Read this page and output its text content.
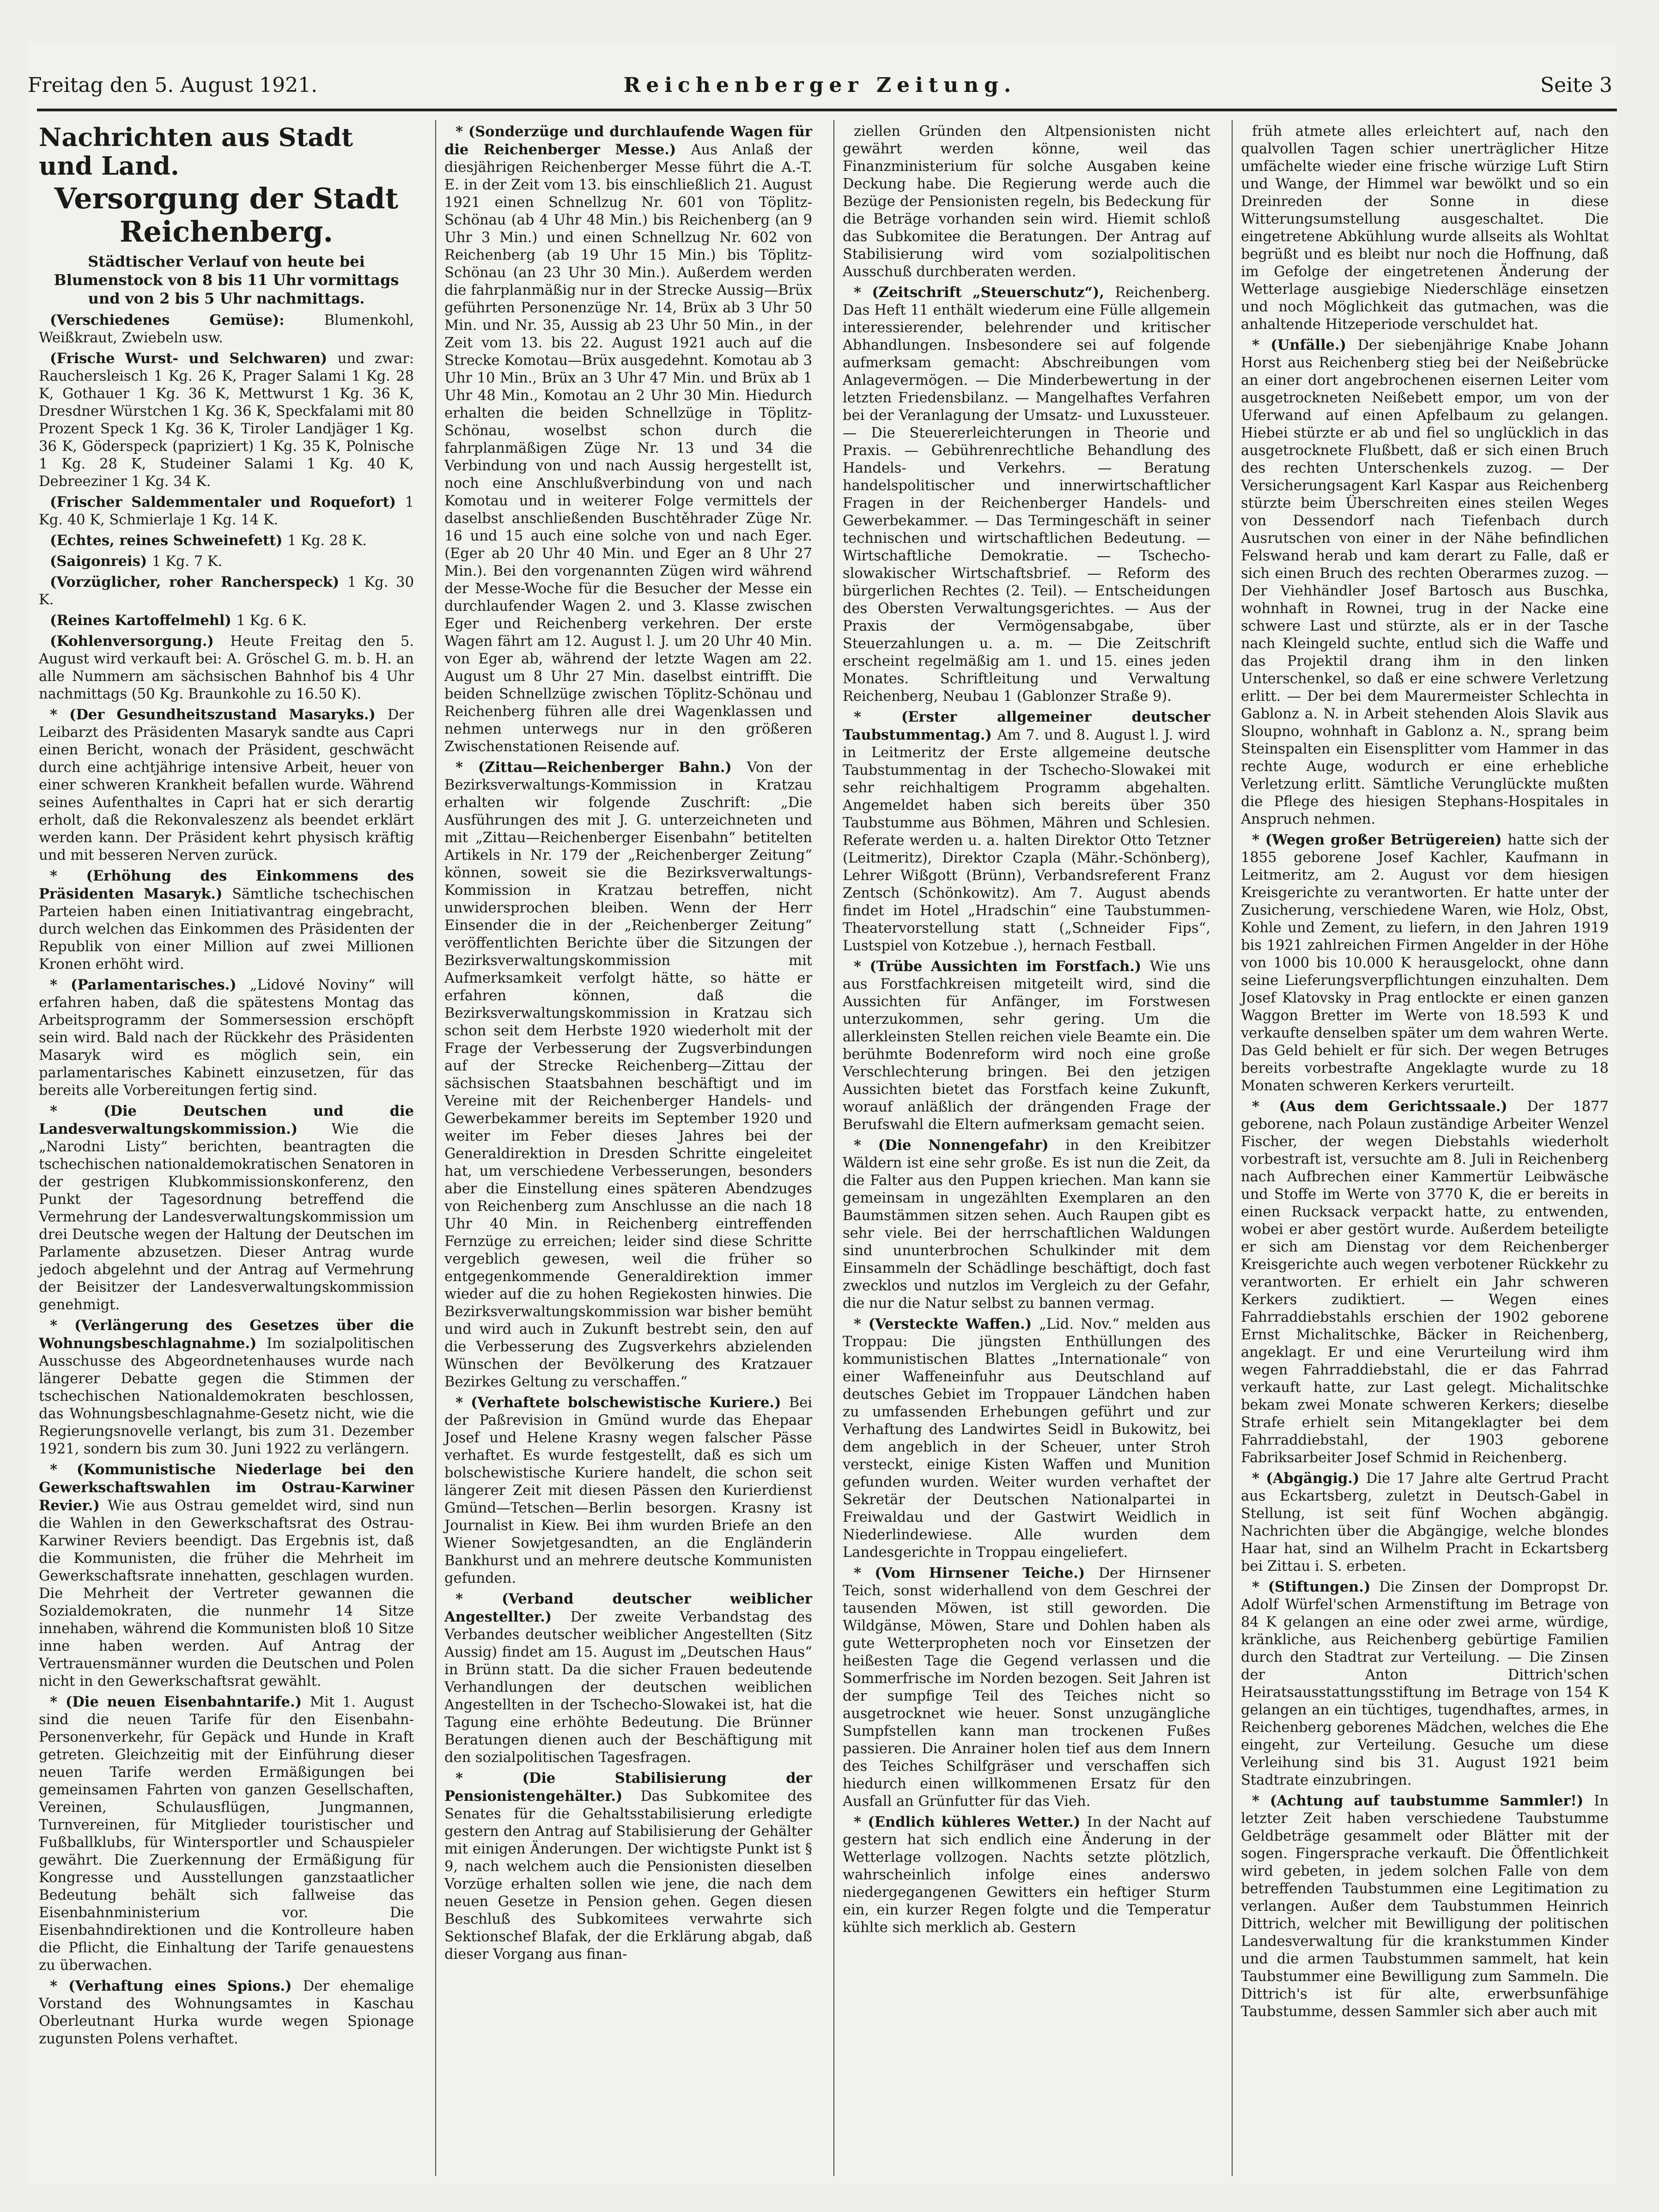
Freitag den 5. August 1921.	Reichenberger Zeitung.	Seite 3
Nachrichten aus Stadt und Land.
Versorgung der Stadt Reichenberg.
Städtischer Verlauf von heute bei Blumenstock von 8 bis 11 Uhr vormittags und von 2 bis 5 Uhr nachmittags.

(Verschiedenes Gemüse): Blumenkohl, Weißkraut, Zwiebeln usw.

(Frische Wurst- und Selchwaren) und zwar: Rauchersleisch 1 Kg. 26 K, Prager Salami 1 Kg. 28 K, Gothauer 1 Kg. 36 K, Mettwurst 1 Kg. 36 K, Dresdner Würstchen 1 Kg. 36 K, Speckfalami mit 80 Prozent Speck 1 Kg. 36 K, Tiroler Landjäger 1 Kg. 36 K, Göderspeck (papriziert) 1 Kg. 35 K, Polnische 1 Kg. 28 K, Studeiner Salami 1 Kg. 40 K, Debreeziner 1 Kg. 34 K.

(Frischer Saldemmentaler und Roquefort) 1 Kg. 40 K, Schmierlaje 1 Kg. 14 K.

(Echtes, reines Schweinefett) 1 Kg. 28 K.

(Saigonreis) 1 Kg. 7 K.

(Vorzüglicher, roher Rancherspeck) 1 Kg. 30 K.

(Reines Kartoffelmehl) 1 Kg. 6 K.

(Kohlenversorgung.) Heute Freitag den 5. August wird verkauft bei: A. Gröschel G. m. b. H. an alle Nummern am sächsischen Bahnhof bis 4 Uhr nachmittags (50 Kg. Braunkohle zu 16.50 K).

* (Der Gesundheitszustand Masaryks.) Der Leibarzt des Präsidenten Masaryk sandte aus Capri einen Bericht, wonach der Präsident, geschwächt durch eine achtjährige intensive Arbeit, heuer von einer schweren Krankheit befallen wurde. Während seines Aufenthaltes in Capri hat er sich derartig erholt, daß die Rekonvaleszenz als beendet erklärt werden kann. Der Präsident kehrt physisch kräftig und mit besseren Nerven zurück.

* (Erhöhung des Einkommens des Präsidenten Masaryk.) Sämtliche tschechischen Parteien haben einen Initiativantrag eingebracht, durch welchen das Einkommen des Präsidenten der Republik von einer Million auf zwei Millionen Kronen erhöht wird.

* (Parlamentarisches.) „Lidové Noviny“ will erfahren haben, daß die spätestens Montag das Arbeitsprogramm der Sommersession erschöpft sein wird. Bald nach der Rückkehr des Präsidenten Masaryk wird es möglich sein, ein parlamentarisches Kabinett einzusetzen, für das bereits alle Vorbereitungen fertig sind.

* (Die Deutschen und die Landesverwaltungskommission.) Wie die „Narodni Listy“ berichten, beantragten die tschechischen nationaldemokratischen Senatoren in der gestrigen Klubkommissionskonferenz, den Punkt der Tagesordnung betreffend die Vermehrung der Landesverwaltungskommission um drei Deutsche wegen der Haltung der Deutschen im Parlamente abzusetzen. Dieser Antrag wurde jedoch abgelehnt und der Antrag auf Vermehrung der Beisitzer der Landesverwaltungskommission genehmigt.

* (Verlängerung des Gesetzes über die Wohnungsbeschlagnahme.) Im sozialpolitischen Ausschusse des Abgeordnetenhauses wurde nach längerer Debatte gegen die Stimmen der tschechischen Nationaldemokraten beschlossen, das Wohnungsbeschlagnahme-Gesetz nicht, wie die Regierungsnovelle verlangt, bis zum 31. Dezember 1921, sondern bis zum 30. Juni 1922 zu verlängern.

* (Kommunistische Niederlage bei den Gewerkschaftswahlen im Ostrau-Karwiner Revier.) Wie aus Ostrau gemeldet wird, sind nun die Wahlen in den Gewerkschaftsrat des Ostrau-Karwiner Reviers beendigt. Das Ergebnis ist, daß die Kommunisten, die früher die Mehrheit im Gewerkschaftsrate innehatten, geschlagen wurden. Die Mehrheit der Vertreter gewannen die Sozialdemokraten, die nunmehr 14 Sitze innehaben, während die Kommunisten bloß 10 Sitze inne haben werden. Auf Antrag der Vertrauensmänner wurden die Deutschen und Polen nicht in den Gewerkschaftsrat gewählt.

* (Die neuen Eisenbahntarife.) Mit 1. August sind die neuen Tarife für den Eisenbahn-Personenverkehr, für Gepäck und Hunde in Kraft getreten. Gleichzeitig mit der Einführung dieser neuen Tarife werden Ermäßigungen bei gemeinsamen Fahrten von ganzen Gesellschaften, Vereinen, Schulausflügen, Jungmannen, Turnvereinen, für Mitglieder touristischer und Fußballklubs, für Wintersportler und Schauspieler gewährt. Die Zuerkennung der Ermäßigung für Kongresse und Ausstellungen ganzstaatlicher Bedeutung behält sich fallweise das Eisenbahnministerium vor. Die Eisenbahndirektionen und die Kontrolleure haben die Pflicht, die Einhaltung der Tarife genauestens zu überwachen.

* (Verhaftung eines Spions.) Der ehemalige Vorstand des Wohnungsamtes in Kaschau Oberleutnant Hurka wurde wegen Spionage zugunsten Polens verhaftet.

* (Sonderzüge und durchlaufende Wagen für die Reichenberger Messe.) Aus Anlaß der diesjährigen Reichenberger Messe führt die A.-T. E. in der Zeit vom 13. bis einschließlich 21. August 1921 einen Schnellzug Nr. 601 von Töplitz-Schönau (ab 4 Uhr 48 Min.) bis Reichenberg (an 9 Uhr 3 Min.) und einen Schnellzug Nr. 602 von Reichenberg (ab 19 Uhr 15 Min.) bis Töplitz-Schönau (an 23 Uhr 30 Min.). Außerdem werden die fahrplanmäßig nur in der Strecke Aussig—Brüx geführten Personenzüge Nr. 14, Brüx ab 3 Uhr 50 Min. und Nr. 35, Aussig ab 23 Uhr 50 Min., in der Zeit vom 13. bis 22. August 1921 auch auf die Strecke Komotau—Brüx ausgedehnt. Komotau ab 3 Uhr 10 Min., Brüx an 3 Uhr 47 Min. und Brüx ab 1 Uhr 48 Min., Komotau an 2 Uhr 30 Min. Hiedurch erhalten die beiden Schnellzüge in Töplitz-Schönau, woselbst schon durch die fahrplanmäßigen Züge Nr. 13 und 34 die Verbindung von und nach Aussig hergestellt ist, noch eine Anschlußverbindung von und nach Komotau und in weiterer Folge vermittels der daselbst anschließenden Buschtěhrader Züge Nr. 16 und 15 auch eine solche von und nach Eger. (Eger ab 20 Uhr 40 Min. und Eger an 8 Uhr 27 Min.). Bei den vorgenannten Zügen wird während der Messe-Woche für die Besucher der Messe ein durchlaufender Wagen 2. und 3. Klasse zwischen Eger und Reichenberg verkehren. Der erste Wagen fährt am 12. August l. J. um 20 Uhr 40 Min. von Eger ab, während der letzte Wagen am 22. August um 8 Uhr 27 Min. daselbst eintrifft. Die beiden Schnellzüge zwischen Töplitz-Schönau und Reichenberg führen alle drei Wagenklassen und nehmen unterwegs nur in den größeren Zwischenstationen Reisende auf.

* (Zittau—Reichenberger Bahn.) Von der Bezirksverwaltungs-Kommission in Kratzau erhalten wir folgende Zuschrift: „Die Ausführungen des mit J. G. unterzeichneten und mit „Zittau—Reichenberger Eisenbahn“ betitelten Artikels in Nr. 179 der „Reichenberger Zeitung“ können, soweit sie die Bezirksverwaltungs-Kommission in Kratzau betreffen, nicht unwidersprochen bleiben. Wenn der Herr Einsender die in der „Reichenberger Zeitung“ veröffentlichten Berichte über die Sitzungen der Bezirksverwaltungskommission mit Aufmerksamkeit verfolgt hätte, so hätte er erfahren können, daß die Bezirksverwaltungskommission in Kratzau sich schon seit dem Herbste 1920 wiederholt mit der Frage der Verbesserung der Zugsverbindungen auf der Strecke Reichenberg—Zittau der sächsischen Staatsbahnen beschäftigt und im Vereine mit der Reichenberger Handels- und Gewerbekammer bereits im September 1920 und weiter im Feber dieses Jahres bei der Generaldirektion in Dresden Schritte eingeleitet hat, um verschiedene Verbesserungen, besonders aber die Einstellung eines späteren Abendzuges von Reichenberg zum Anschlusse an die nach 18 Uhr 40 Min. in Reichenberg eintreffenden Fernzüge zu erreichen; leider sind diese Schritte vergeblich gewesen, weil die früher so entgegenkommende Generaldirektion immer wieder auf die zu hohen Regiekosten hinwies. Die Bezirksverwaltungskommission war bisher bemüht und wird auch in Zukunft bestrebt sein, den auf die Verbesserung des Zugsverkehrs abzielenden Wünschen der Bevölkerung des Kratzauer Bezirkes Geltung zu verschaffen.“

* (Verhaftete bolschewistische Kuriere.) Bei der Paßrevision in Gmünd wurde das Ehepaar Josef und Helene Krasny wegen falscher Pässe verhaftet. Es wurde festgestellt, daß es sich um bolschewistische Kuriere handelt, die schon seit längerer Zeit mit diesen Pässen den Kurierdienst Gmünd—Tetschen—Berlin besorgen. Krasny ist Journalist in Kiew. Bei ihm wurden Briefe an den Wiener Sowjetgesandten, an die Engländerin Bankhurst und an mehrere deutsche Kommunisten gefunden.

* (Verband deutscher weiblicher Angestellter.) Der zweite Verbandstag des Verbandes deutscher weiblicher Angestellten (Sitz Aussig) findet am 15. August im „Deutschen Haus“ in Brünn statt. Da die sicher Frauen bedeutende Verhandlungen der deutschen weiblichen Angestellten in der Tschecho-Slowakei ist, hat die Tagung eine erhöhte Bedeutung. Die Brünner Beratungen dienen auch der Beschäftigung mit den sozialpolitischen Tagesfragen.

* (Die Stabilisierung der Pensionistengehälter.) Das Subkomitee des Senates für die Gehaltsstabilisierung erledigte gestern den Antrag auf Stabilisierung der Gehälter mit einigen Änderungen. Der wichtigste Punkt ist § 9, nach welchem auch die Pensionisten dieselben Vorzüge erhalten sollen wie jene, die nach dem neuen Gesetze in Pension gehen. Gegen diesen Beschluß des Subkomitees verwahrte sich Sektionschef Blafak, der die Erklärung abgab, daß dieser Vorgang aus finan-

ziellen Gründen den Altpensionisten nicht gewährt werden könne, weil das Finanzministerium für solche Ausgaben keine Deckung habe. Die Regierung werde auch die Bezüge der Pensionisten regeln, bis Bedeckung für die Beträge vorhanden sein wird. Hiemit schloß das Subkomitee die Beratungen. Der Antrag auf Stabilisierung wird vom sozialpolitischen Ausschuß durchberaten werden.

* (Zeitschrift „Steuerschutz“), Reichenberg. Das Heft 11 enthält wiederum eine Fülle allgemein interessierender, belehrender und kritischer Abhandlungen. Insbesondere sei auf folgende aufmerksam gemacht: Abschreibungen vom Anlagevermögen. — Die Minderbewertung in der letzten Friedensbilanz. — Mangelhaftes Verfahren bei der Veranlagung der Umsatz- und Luxussteuer. — Die Steuererleichterungen in Theorie und Praxis. — Gebührenrechtliche Behandlung des Handels- und Verkehrs. — Beratung handelspolitischer und innerwirtschaftlicher Fragen in der Reichenberger Handels- und Gewerbekammer. — Das Termingeschäft in seiner technischen und wirtschaftlichen Bedeutung. — Wirtschaftliche Demokratie. — Tschecho-slowakischer Wirtschaftsbrief. — Reform des bürgerlichen Rechtes (2. Teil). — Entscheidungen des Obersten Verwaltungsgerichtes. — Aus der Praxis der Vermögensabgabe, über Steuerzahlungen u. a. m. — Die Zeitschrift erscheint regelmäßig am 1. und 15. eines jeden Monates. Schriftleitung und Verwaltung Reichenberg, Neubau 1 (Gablonzer Straße 9).

* (Erster allgemeiner deutscher Taubstummentag.) Am 7. und 8. August l. J. wird in Leitmeritz der Erste allgemeine deutsche Taubstummentag in der Tschecho-Slowakei mit sehr reichhaltigem Programm abgehalten. Angemeldet haben sich bereits über 350 Taubstumme aus Böhmen, Mähren und Schlesien. Referate werden u. a. halten Direktor Otto Tetzner (Leitmeritz), Direktor Czapla (Mähr.-Schönberg), Lehrer Wißgott (Brünn), Verbandsreferent Franz Zentsch (Schönkowitz). Am 7. August abends findet im Hotel „Hradschin“ eine Taubstummen-Theatervorstellung statt („Schneider Fips“, Lustspiel von Kotzebue .), hernach Festball.

* (Trübe Aussichten im Forstfach.) Wie uns aus Forstfachkreisen mitgeteilt wird, sind die Aussichten für Anfänger, im Forstwesen unterzukommen, sehr gering. Um die allerkleinsten Stellen reichen viele Beamte ein. Die berühmte Bodenreform wird noch eine große Verschlechterung bringen. Bei den jetzigen Aussichten bietet das Forstfach keine Zukunft, worauf anläßlich der drängenden Frage der Berufswahl die Eltern aufmerksam gemacht seien.

* (Die Nonnengefahr) in den Kreibitzer Wäldern ist eine sehr große. Es ist nun die Zeit, da die Falter aus den Puppen kriechen. Man kann sie gemeinsam in ungezählten Exemplaren an den Baumstämmen sitzen sehen. Auch Raupen gibt es sehr viele. Bei der herrschaftlichen Waldungen sind ununterbrochen Schulkinder mit dem Einsammeln der Schädlinge beschäftigt, doch fast zwecklos und nutzlos im Vergleich zu der Gefahr, die nur die Natur selbst zu bannen vermag.

* (Versteckte Waffen.) „Lid. Nov.“ melden aus Troppau: Die jüngsten Enthüllungen des kommunistischen Blattes „Internationale“ von einer Waffeneinfuhr aus Deutschland auf deutsches Gebiet im Troppauer Ländchen haben zu umfassenden Erhebungen geführt und zur Verhaftung des Landwirtes Seidl in Bukowitz, bei dem angeblich in der Scheuer, unter Stroh versteckt, einige Kisten Waffen und Munition gefunden wurden. Weiter wurden verhaftet der Sekretär der Deutschen Nationalpartei in Freiwaldau und der Gastwirt Weidlich in Niederlindewiese. Alle wurden dem Landesgerichte in Troppau eingeliefert.

* (Vom Hirnsener Teiche.) Der Hirnsener Teich, sonst widerhallend von dem Geschrei der tausenden Möwen, ist still geworden. Die Wildgänse, Möwen, Stare und Dohlen haben als gute Wetterpropheten noch vor Einsetzen der heißesten Tage die Gegend verlassen und die Sommerfrische im Norden bezogen. Seit Jahren ist der sumpfige Teil des Teiches nicht so ausgetrocknet wie heuer. Sonst unzugängliche Sumpfstellen kann man trockenen Fußes passieren. Die Anrainer holen tief aus dem Innern des Teiches Schilfgräser und verschaffen sich hiedurch einen willkommenen Ersatz für den Ausfall an Grünfutter für das Vieh.

* (Endlich kühleres Wetter.) In der Nacht auf gestern hat sich endlich eine Änderung in der Wetterlage vollzogen. Nachts setzte plötzlich, wahrscheinlich infolge eines anderswo niedergegangenen Gewitters ein heftiger Sturm ein, ein kurzer Regen folgte und die Temperatur kühlte sich merklich ab. Gestern

früh atmete alles erleichtert auf, nach den qualvollen Tagen schier unerträglicher Hitze umfächelte wieder eine frische würzige Luft Stirn und Wange, der Himmel war bewölkt und so ein Dreinreden der Sonne in diese Witterungsumstellung ausgeschaltet. Die eingetretene Abkühlung wurde allseits als Wohltat begrüßt und es bleibt nur noch die Hoffnung, daß im Gefolge der eingetretenen Änderung der Wetterlage ausgiebige Niederschläge einsetzen und noch Möglichkeit das gutmachen, was die anhaltende Hitzeperiode verschuldet hat.

* (Unfälle.) Der siebenjährige Knabe Johann Horst aus Reichenberg stieg bei der Neißebrücke an einer dort angebrochenen eisernen Leiter vom ausgetrockneten Neißebett empor, um von der Uferwand auf einen Apfelbaum zu gelangen. Hiebei stürzte er ab und fiel so unglücklich in das ausgetrocknete Flußbett, daß er sich einen Bruch des rechten Unterschenkels zuzog. — Der Versicherungsagent Karl Kaspar aus Reichenberg stürzte beim Überschreiten eines steilen Weges von Dessendorf nach Tiefenbach durch Ausrutschen von einer in der Nähe befindlichen Felswand herab und kam derart zu Falle, daß er sich einen Bruch des rechten Oberarmes zuzog. — Der Viehhändler Josef Bartosch aus Buschka, wohnhaft in Rownei, trug in der Nacke eine schwere Last und stürzte, als er in der Tasche nach Kleingeld suchte, entlud sich die Waffe und das Projektil drang ihm in den linken Unterschenkel, so daß er eine schwere Verletzung erlitt. — Der bei dem Maurermeister Schlechta in Gablonz a. N. in Arbeit stehenden Alois Slavik aus Sloupno, wohnhaft in Gablonz a. N., sprang beim Steinspalten ein Eisensplitter vom Hammer in das rechte Auge, wodurch er eine erhebliche Verletzung erlitt. Sämtliche Verunglückte mußten die Pflege des hiesigen Stephans-Hospitales in Anspruch nehmen.

* (Wegen großer Betrügereien) hatte sich der 1855 geborene Josef Kachler, Kaufmann in Leitmeritz, am 2. August vor dem hiesigen Kreisgerichte zu verantworten. Er hatte unter der Zusicherung, verschiedene Waren, wie Holz, Obst, Kohle und Zement, zu liefern, in den Jahren 1919 bis 1921 zahlreichen Firmen Angelder in der Höhe von 1000 bis 10.000 K herausgelockt, ohne dann seine Lieferungsverpflichtungen einzuhalten. Dem Josef Klatovsky in Prag entlockte er einen ganzen Waggon Bretter im Werte von 18.593 K und verkaufte denselben später um dem wahren Werte. Das Geld behielt er für sich. Der wegen Betruges bereits vorbestrafte Angeklagte wurde zu 18 Monaten schweren Kerkers verurteilt.

* (Aus dem Gerichtssaale.) Der 1877 geborene, nach Polaun zuständige Arbeiter Wenzel Fischer, der wegen Diebstahls wiederholt vorbestraft ist, versuchte am 8. Juli in Reichenberg nach Aufbrechen einer Kammertür Leibwäsche und Stoffe im Werte von 3770 K, die er bereits in einen Rucksack verpackt hatte, zu entwenden, wobei er aber gestört wurde. Außerdem beteiligte er sich am Dienstag vor dem Reichenberger Kreisgerichte auch wegen verbotener Rückkehr zu verantworten. Er erhielt ein Jahr schweren Kerkers zudiktiert. — Wegen eines Fahrraddiebstahls erschien der 1902 geborene Ernst Michalitschke, Bäcker in Reichenberg, angeklagt. Er und eine Verurteilung wird ihm wegen Fahrraddiebstahl, die er das Fahrrad verkauft hatte, zur Last gelegt. Michalitschke bekam zwei Monate schweren Kerkers; dieselbe Strafe erhielt sein Mitangeklagter bei dem Fahrraddiebstahl, der 1903 geborene Fabriksarbeiter Josef Schmid in Reichenberg.

* (Abgängig.) Die 17 Jahre alte Gertrud Pracht aus Eckartsberg, zuletzt in Deutsch-Gabel in Stellung, ist seit fünf Wochen abgängig. Nachrichten über die Abgängige, welche blondes Haar hat, sind an Wilhelm Pracht in Eckartsberg bei Zittau i. S. erbeten.

* (Stiftungen.) Die Zinsen der Dompropst Dr. Adolf Würfel'schen Armenstiftung im Betrage von 84 K gelangen an eine oder zwei arme, würdige, kränkliche, aus Reichenberg gebürtige Familien durch den Stadtrat zur Verteilung. — Die Zinsen der Anton Dittrich'schen Heiratsausstattungsstiftung im Betrage von 154 K gelangen an ein tüchtiges, tugendhaftes, armes, in Reichenberg geborenes Mädchen, welches die Ehe eingeht, zur Verteilung. Gesuche um diese Verleihung sind bis 31. August 1921 beim Stadtrate einzubringen.

* (Achtung auf taubstumme Sammler!) In letzter Zeit haben verschiedene Taubstumme Geldbeträge gesammelt oder Blätter mit der sogen. Fingersprache verkauft. Die Öffentlichkeit wird gebeten, in jedem solchen Falle von dem betreffenden Taubstummen eine Legitimation zu verlangen. Außer dem Taubstummen Heinrich Dittrich, welcher mit Bewilligung der politischen Landesverwaltung für die krankstummen Kinder und die armen Taubstummen sammelt, hat kein Taubstummer eine Bewilligung zum Sammeln. Die Dittrich's ist für alte, erwerbsunfähige Taubstumme, dessen Sammler sich aber auch mit
